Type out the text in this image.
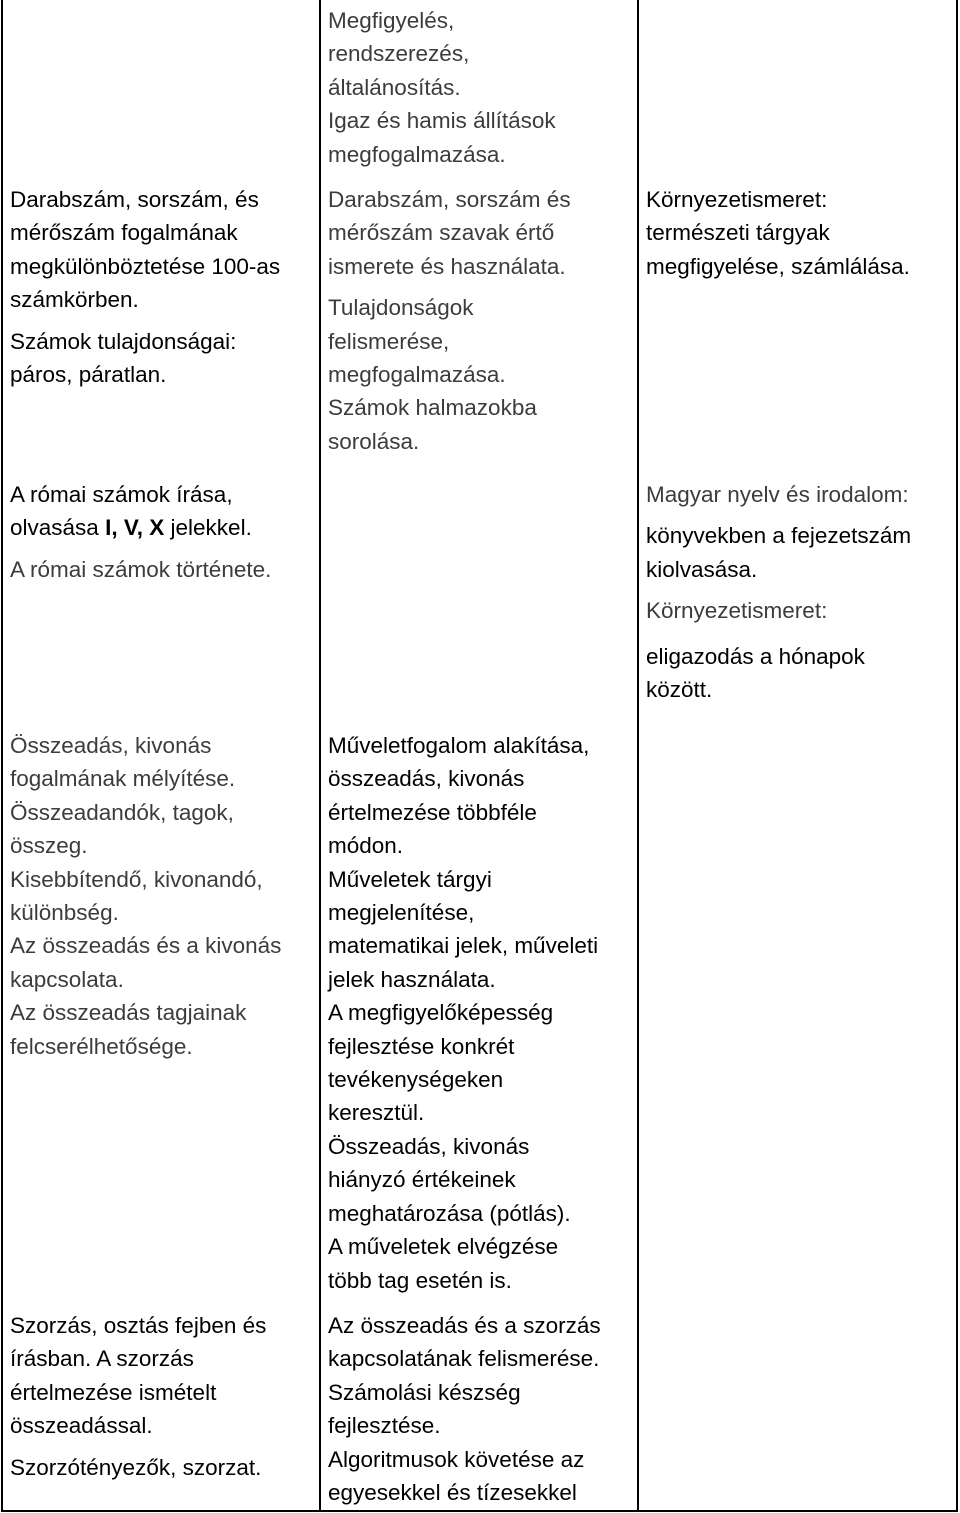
Megfigyelés,
rendszerezés,
általánosítás.
Igaz és hamis állítások
megfogalmazása.

Darabszám, sorszám, és
mérőszám fogalmának
megkülönböztetése 100-as
számkörben.

Számok tulajdonságai:
páros, páratlan.

Darabszám, sorszám és
mérőszám szavak értő
ismerete és használata.

Tulajdonságok
felismerése,
megfogalmazása.
Számok halmazokba
sorolása.

Környezetismeret:

természeti tárgyak
megfigyelése, számlálása.

A római számok írása,
olvasása I, V, X jelekkel.

A római számok története.

Magyar nyelv és irodalom:

könyvekben a fejezetszám
kiolvasása.

Környezetismeret:

eligazodás a hónapok
között.

Összeadás, kivonás
fogalmának mélyítése.
Összeadandók, tagok,
összeg.
Kisebbítendő, kivonandó,
különbség.
Az összeadás és a kivonás
kapcsolata.
Az összeadás tagjainak
felcserélhetősége.

Műveletfogalom alakítása,
összeadás, kivonás
értelmezése többféle
módon.
Műveletek tárgyi
megjelenítése,
matematikai jelek, műveleti
jelek használata.
A megfigyelőképesség
fejlesztése konkrét
tevékenységeken
keresztül.
Összeadás, kivonás
hiányzó értékeinek
meghatározása (pótlás).
A műveletek elvégzése
több tag esetén is.

Szorzás, osztás fejben és
írásban. A szorzás
értelmezése ismételt
összeadással.

Szorzótényezők, szorzat.

Az összeadás és a szorzás
kapcsolatának felismerése.
Számolási készség
fejlesztése.
Algoritmusok követése az
egyesekkel és tízesekkel
